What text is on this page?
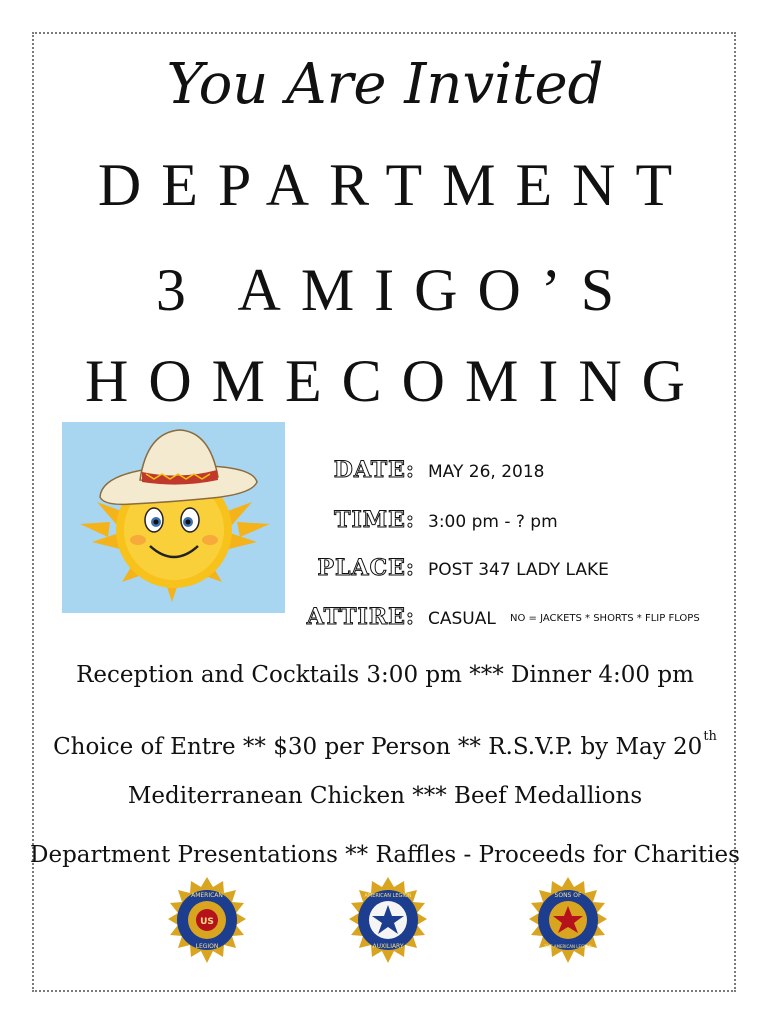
You Are Invited
DEPARTMENT
3 AMIGO’S
HOMECOMING
DATE: MAY 26, 2018
TIME: 3:00 pm - ? pm
PLACE: POST 347 LADY LAKE
ATTIRE: CASUAL NO = JACKETS * SHORTS * FLIP FLOPS
Reception and Cocktails 3:00 pm *** Dinner 4:00 pm
Choice of Entre ** $30 per Person ** R.S.V.P. by May 20th
Mediterranean Chicken *** Beef Medallions
Department Presentations ** Raffles - Proceeds for Charities
US
AMERICAN
LEGION
AMERICAN LEGION
AUXILIARY
SONS OF
THE AMERICAN LEGION
